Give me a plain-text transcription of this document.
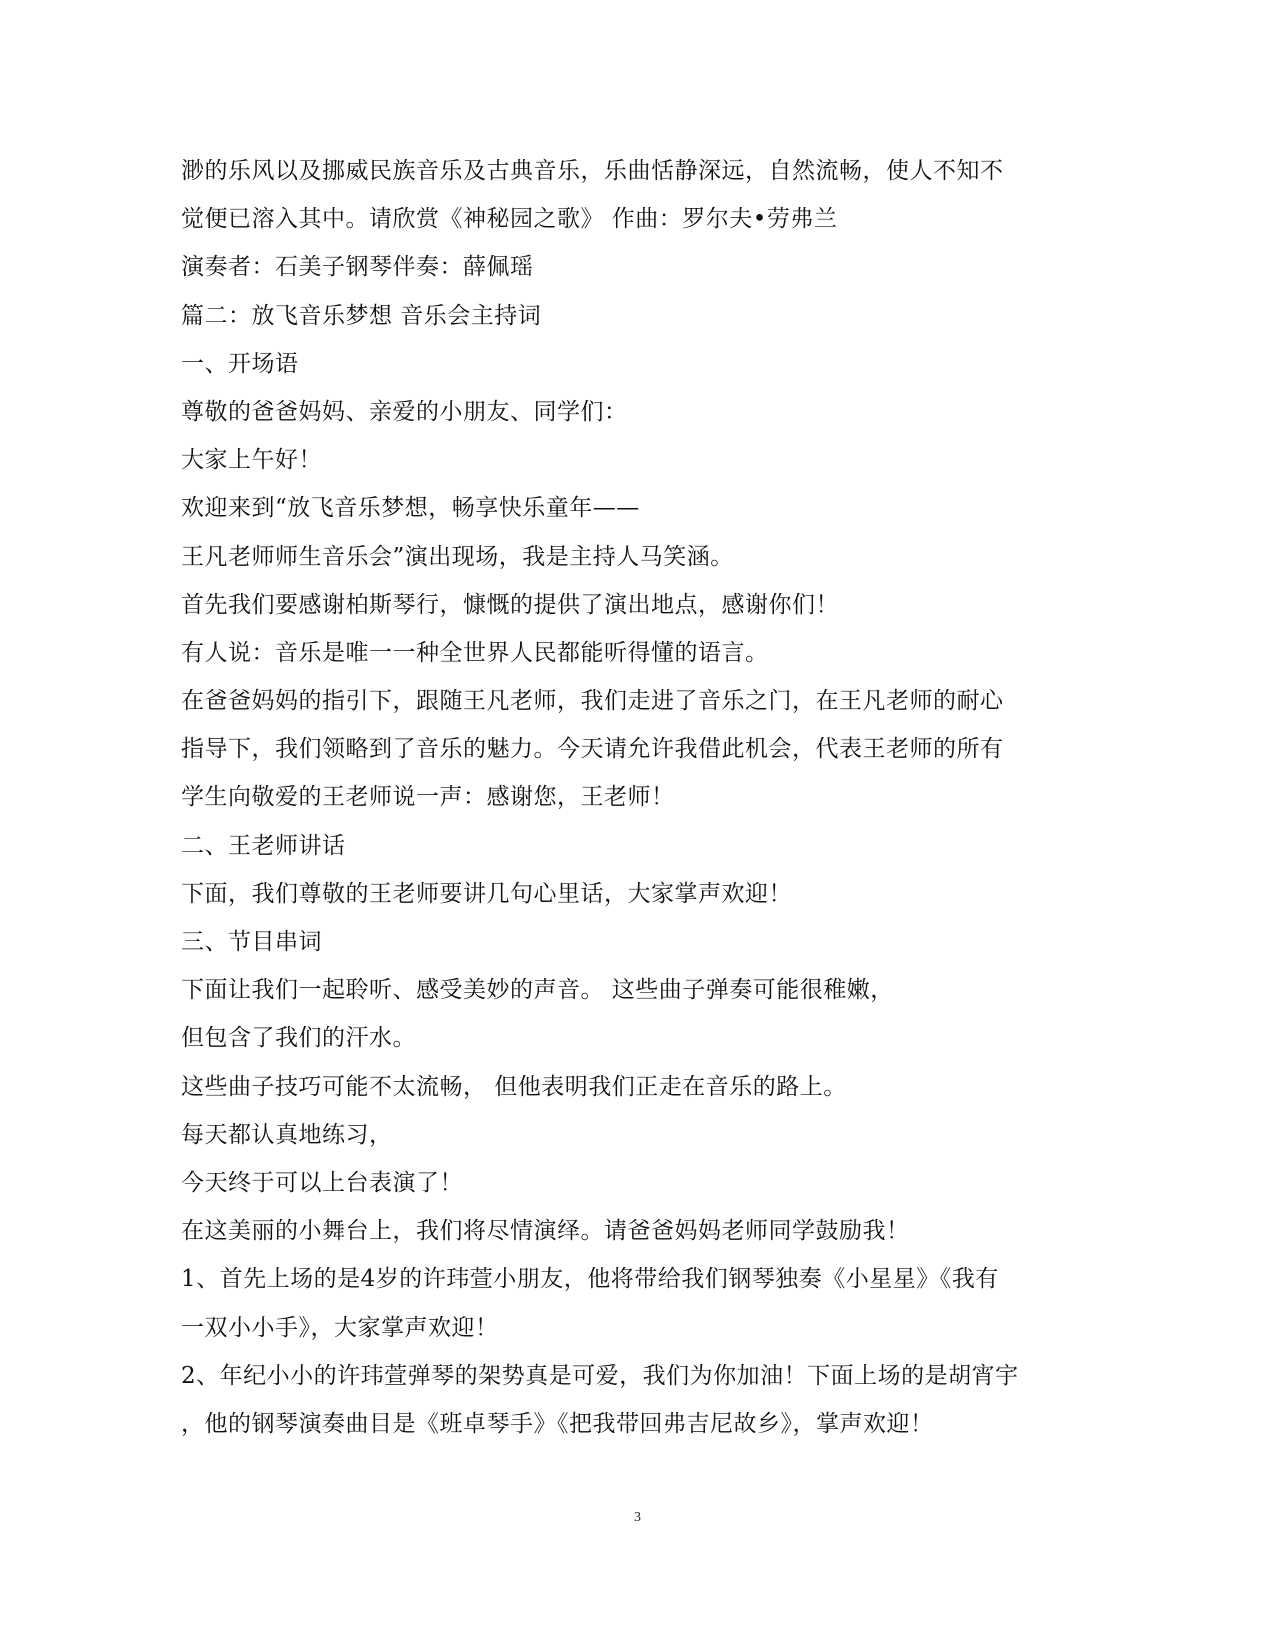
渺的乐风以及挪威民族音乐及古典音乐，乐曲恬静深远，自然流畅，使人不知不
觉便已溶入其中。请欣赏《神秘园之歌》 作曲：罗尔夫•劳弗兰
演奏者：石美子钢琴伴奏：薛佩瑶
篇二：放飞音乐梦想 音乐会主持词
一、开场语
尊敬的爸爸妈妈、亲爱的小朋友、同学们：
大家上午好！
欢迎来到“放飞音乐梦想，畅享快乐童年——
王凡老师师生音乐会”演出现场，我是主持人马笑涵。
首先我们要感谢柏斯琴行，慷慨的提供了演出地点，感谢你们！
有人说：音乐是唯一一种全世界人民都能听得懂的语言。
在爸爸妈妈的指引下，跟随王凡老师，我们走进了音乐之门，在王凡老师的耐心
指导下，我们领略到了音乐的魅力。今天请允许我借此机会，代表王老师的所有
学生向敬爱的王老师说一声：感谢您，王老师！
二、王老师讲话
下面，我们尊敬的王老师要讲几句心里话，大家掌声欢迎！
三、节目串词
下面让我们一起聆听、感受美妙的声音。 这些曲子弹奏可能很稚嫩，
但包含了我们的汗水。
这些曲子技巧可能不太流畅， 但他表明我们正走在音乐的路上。
每天都认真地练习，
今天终于可以上台表演了！
在这美丽的小舞台上，我们将尽情演绎。请爸爸妈妈老师同学鼓励我！
1、首先上场的是4岁的许玮萱小朋友，他将带给我们钢琴独奏《小星星》《我有
一双小小手》，大家掌声欢迎！
2、年纪小小的许玮萱弹琴的架势真是可爱，我们为你加油！下面上场的是胡宵宇
，他的钢琴演奏曲目是《班卓琴手》《把我带回弗吉尼故乡》，掌声欢迎！
3
